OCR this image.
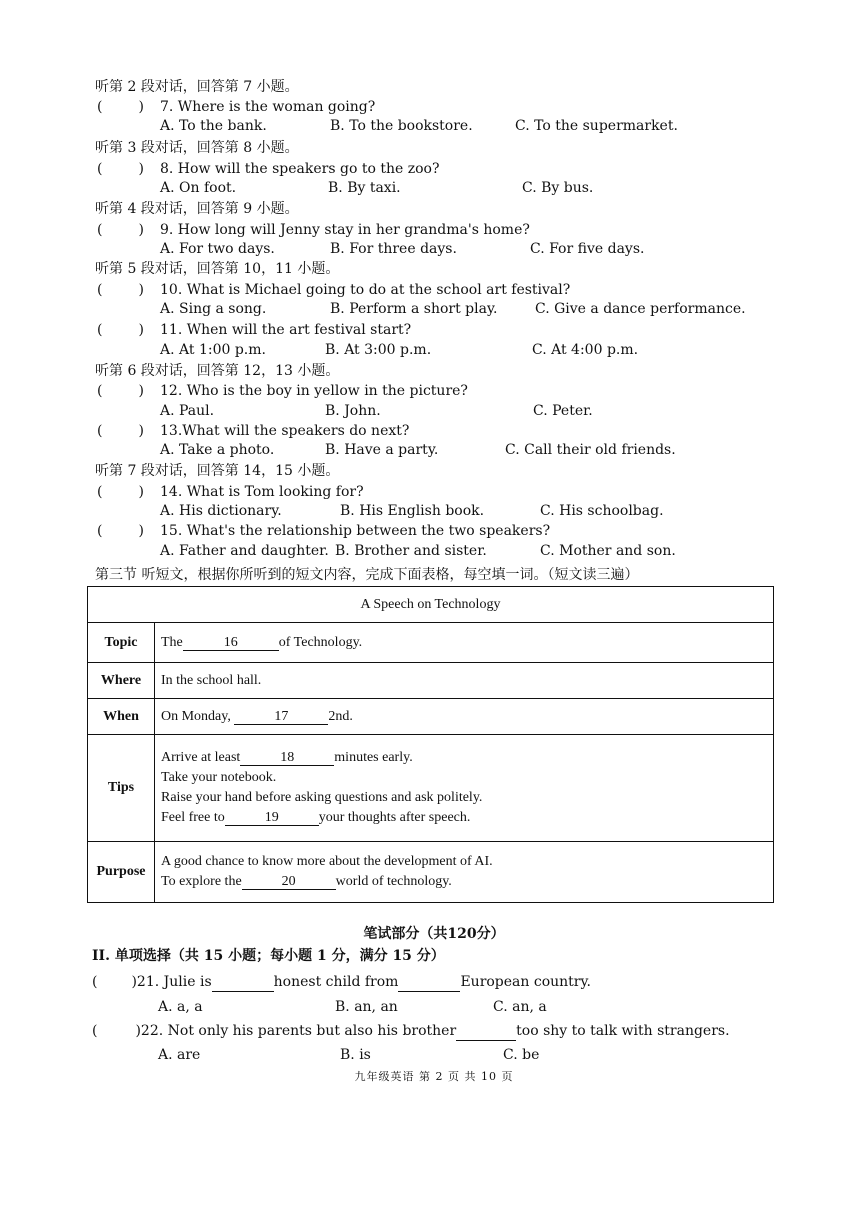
听第 2 段对话，回答第 7 小题。
(	) 7. Where is the woman going?
A. To the bank.	B. To the bookstore.	C. To the supermarket.
听第 3 段对话，回答第 8 小题。
(	) 8. How will the speakers go to the zoo?
A. On foot.	B. By taxi.	C. By bus.
听第 4 段对话，回答第 9 小题。
(	) 9. How long will Jenny stay in her grandma's home?
A. For two days.	B. For three days.	C. For five days.
听第 5 段对话，回答第 10，11 小题。
(	) 10. What is Michael going to do at the school art festival?
A. Sing a song.	B. Perform a short play.	C. Give a dance performance.
(	) 11. When will the art festival start?
A. At 1:00 p.m.	B. At 3:00 p.m.	C. At 4:00 p.m.
听第 6 段对话，回答第 12，13 小题。
(	) 12. Who is the boy in yellow in the picture?
A. Paul.	B. John.	C. Peter.
(	) 13.What will the speakers do next?
A. Take a photo.	B. Have a party.	C. Call their old friends.
听第 7 段对话，回答第 14，15 小题。
(	) 14. What is Tom looking for?
A. His dictionary.	B. His English book.	C. His schoolbag.
(	) 15. What's the relationship between the two speakers?
A. Father and daughter. B. Brother and sister.	C. Mother and son.
第三节 听短文，根据你所听到的短文内容，完成下面表格，每空填一词。（短文读三遍）
A Speech on Technology	
Topic	The 16 of Technology.
Where	In the school hall.
When	On Monday, 17 2nd.
Tips	Arrive at least 18 minutes early.
Take your notebook.
Raise your hand before asking questions and ask politely.
Feel free to 19 your thoughts after speech.

Purpose	A good chance to know more about the development of AI.
To explore the 20 world of technology.
笔试部分（共120分）
II. 单项选择（共 15 小题；每小题 1 分，满分 15 分）
( )21. Julie is	honest child from	European country.
A. a, a	B. an, an	C. an, a
(	)22. Not only his parents but also his brother	too shy to talk with strangers.
A. are	B. is	C. be
九年级英语 第 2 页 共 10 页
